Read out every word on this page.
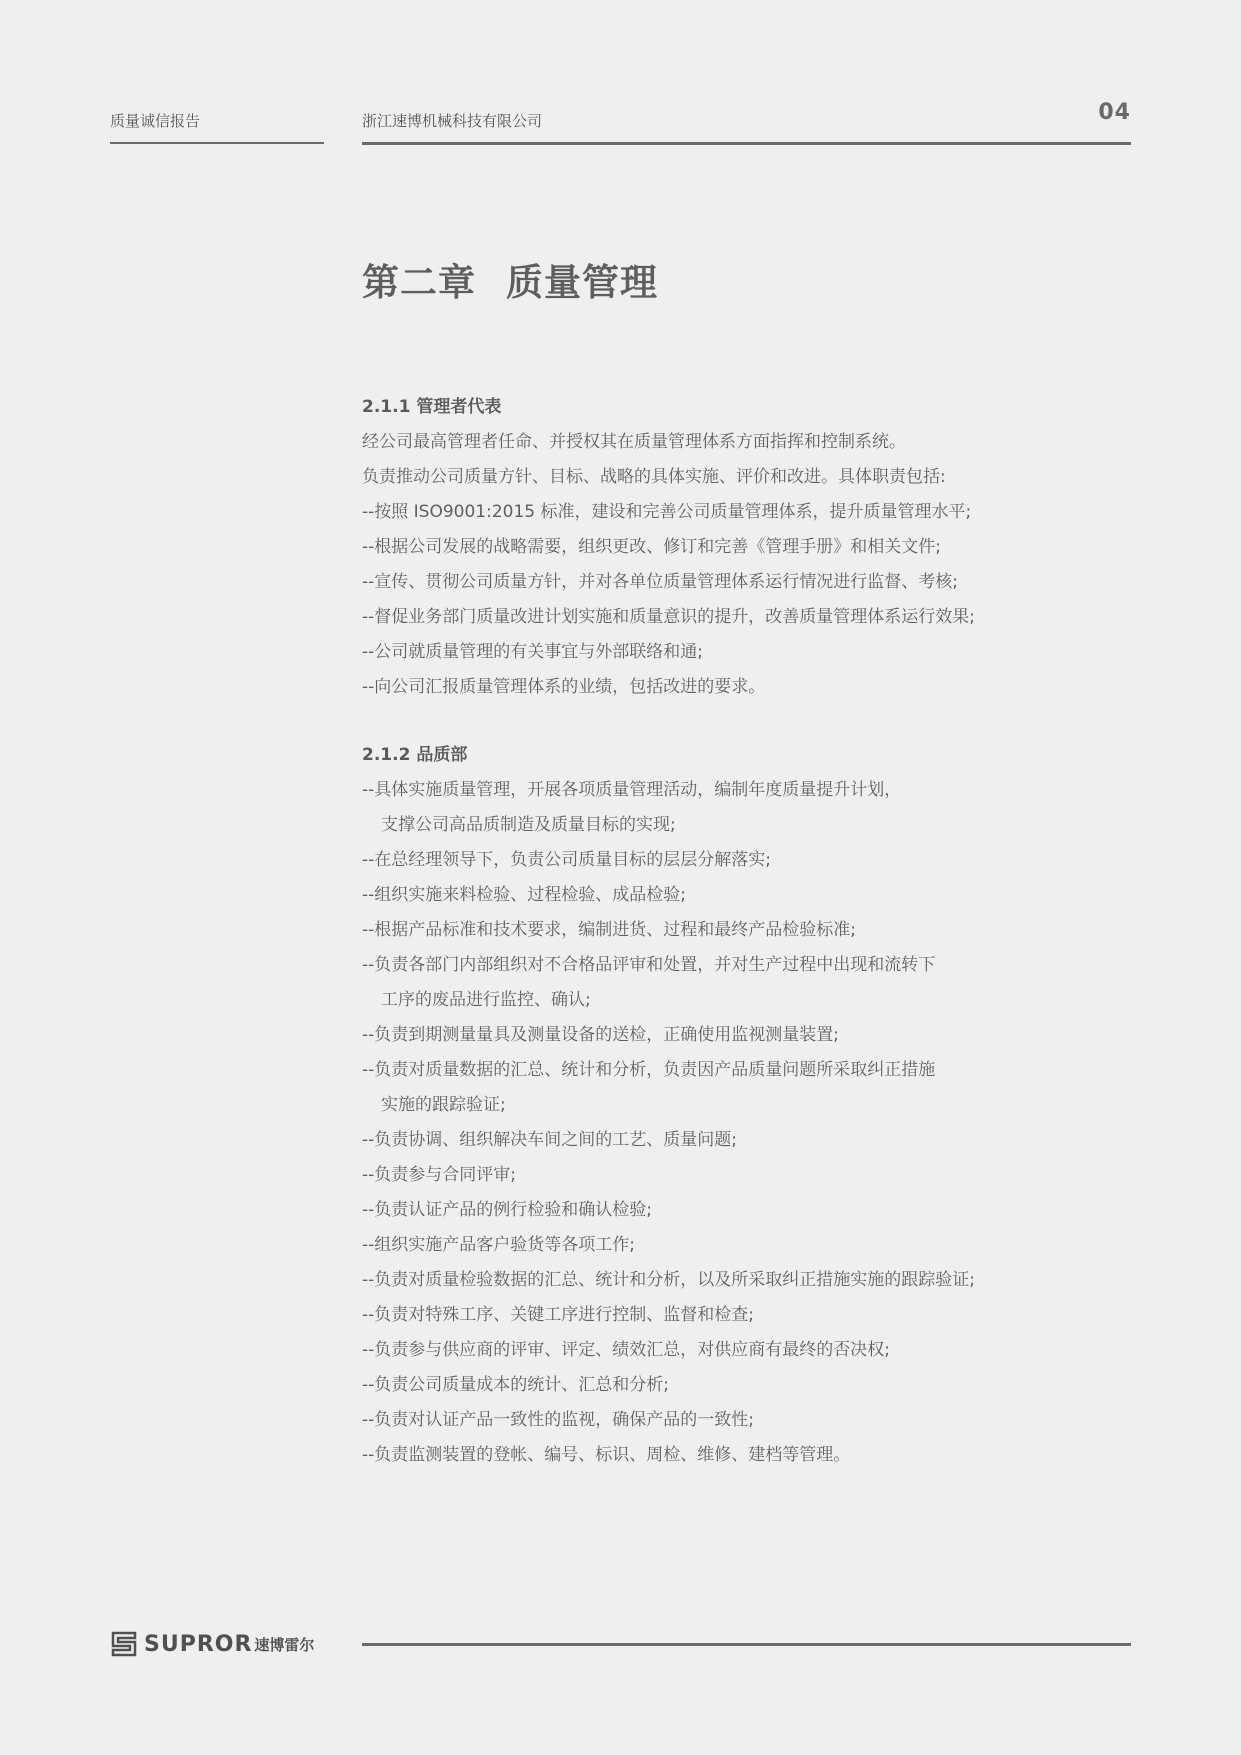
质量诚信报告	浙江速博机械科技有限公司	04
第二章 质量管理
2.1.1 管理者代表
经公司最高管理者任命、并授权其在质量管理体系方面指挥和控制系统。
负责推动公司质量方针、目标、战略的具体实施、评价和改进。具体职责包括:
--按照 ISO9001:2015 标准，建设和完善公司质量管理体系，提升质量管理水平;
--根据公司发展的战略需要，组织更改、修订和完善《管理手册》和相关文件;
--宣传、贯彻公司质量方针，并对各单位质量管理体系运行情况进行监督、考核;
--督促业务部门质量改进计划实施和质量意识的提升，改善质量管理体系运行效果;
--公司就质量管理的有关事宜与外部联络和通;
--向公司汇报质量管理体系的业绩，包括改进的要求。
2.1.2 品质部
--具体实施质量管理，开展各项质量管理活动，编制年度质量提升计划，
支撑公司高品质制造及质量目标的实现;
--在总经理领导下，负责公司质量目标的层层分解落实;
--组织实施来料检验、过程检验、成品检验;
--根据产品标准和技术要求，编制进货、过程和最终产品检验标准;
--负责各部门内部组织对不合格品评审和处置，并对生产过程中出现和流转下
工序的废品进行监控、确认;
--负责到期测量量具及测量设备的送检，正确使用监视测量装置;
--负责对质量数据的汇总、统计和分析，负责因产品质量问题所采取纠正措施
实施的跟踪验证;
--负责协调、组织解决车间之间的工艺、质量问题;
--负责参与合同评审;
--负责认证产品的例行检验和确认检验;
--组织实施产品客户验货等各项工作;
--负责对质量检验数据的汇总、统计和分析，以及所采取纠正措施实施的跟踪验证;
--负责对特殊工序、关键工序进行控制、监督和检查;
--负责参与供应商的评审、评定、绩效汇总，对供应商有最终的否决权;
--负责公司质量成本的统计、汇总和分析;
--负责对认证产品一致性的监视，确保产品的一致性;
--负责监测装置的登帐、编号、标识、周检、维修、建档等管理。
SUPROR 速博雷尔
